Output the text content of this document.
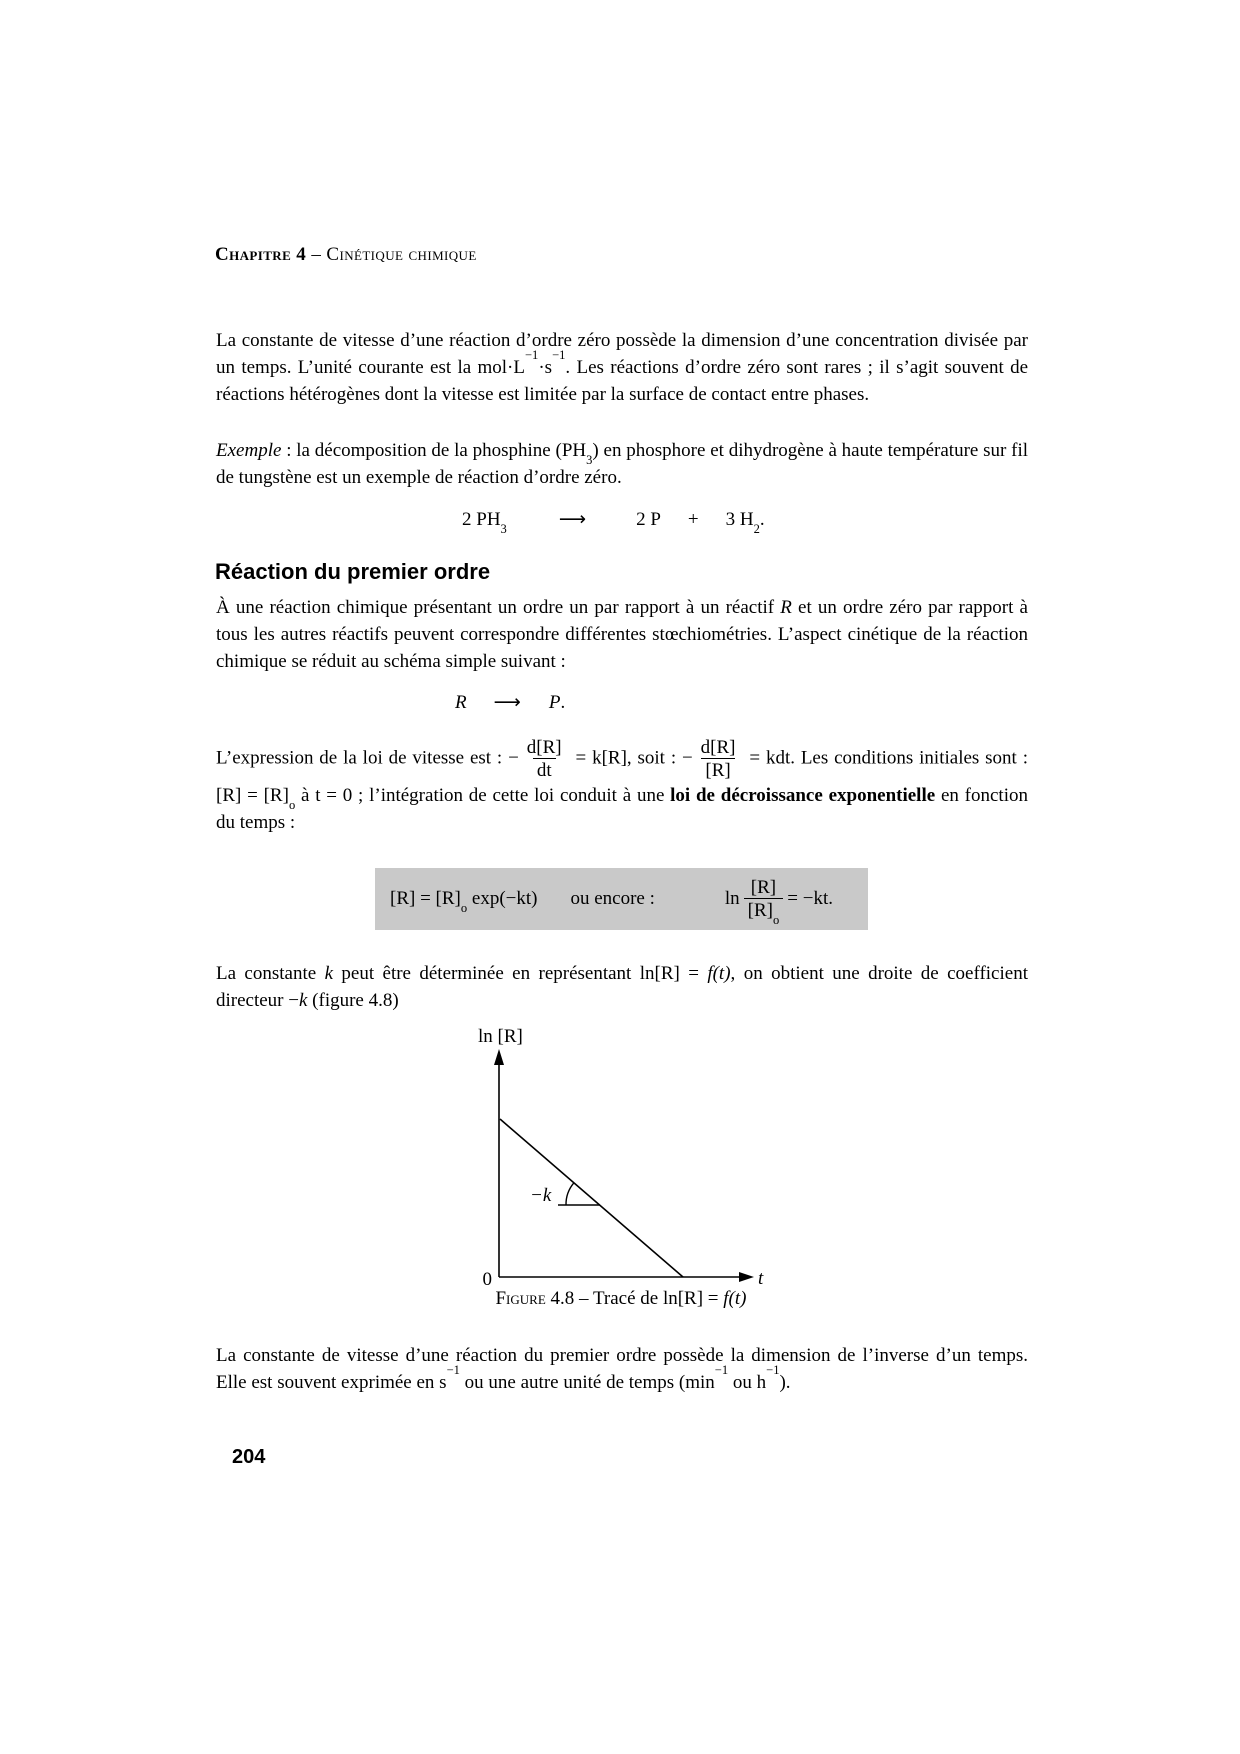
Chapitre 4 – Cinétique chimique

La constante de vitesse d’une réaction d’ordre zéro possède la dimension d’une concentration divisée par un temps. L’unité courante est la $mol\cdot L^{-1}\cdot s^{-1}$. Les réactions d’ordre zéro sont rares ; il s’agit souvent de réactions hétérogènes dont la vitesse est limitée par la surface de contact entre phases.

Exemple : la décomposition de la phosphine $(PH_3)$ en phosphore et dihydrogène à haute température sur fil de tungstène est un exemple de réaction d’ordre zéro.

2 $PH_3$	⟶	2 P + 3 $H_2$.
Réaction du premier ordre

À une réaction chimique présentant un ordre un par rapport à un réactif R et un ordre zéro par rapport à tous les autres réactifs peuvent correspondre différentes stœchiométries. L’aspect cinétique de la réaction chimique se réduit au schéma simple suivant :

R ⟶ P .

L’expression de la loi de vitesse est : − $\frac{d[R]}{dt} = k[R]$, soit : − $\frac{d[R]}{[R]}$ = kdt. Les conditions initiales sont : $[R] = [R]_o$ à t = 0 ; l’intégration de cette loi conduit à une loi de décroissance exponentielle en fonction du temps :

$[R] = [R]_o$ exp(−kt) ou encore :	$\ln \frac{[R]}{[R]_o} = -kt$.

La constante k peut être déterminée en représentant ln[R] = f(t), on obtient une droite de coefficient directeur −k (figure 4.8)

ln [R]
−k
0	t
Figure 4.8 – Tracé de ln[R] = f(t)

La constante de vitesse d’une réaction du premier ordre possède la dimension de l’inverse d’un temps. Elle est souvent exprimée en $s^{-1}$ ou une autre unité de temps ($\min^{-1}$ ou $h^{-1}$).

204
